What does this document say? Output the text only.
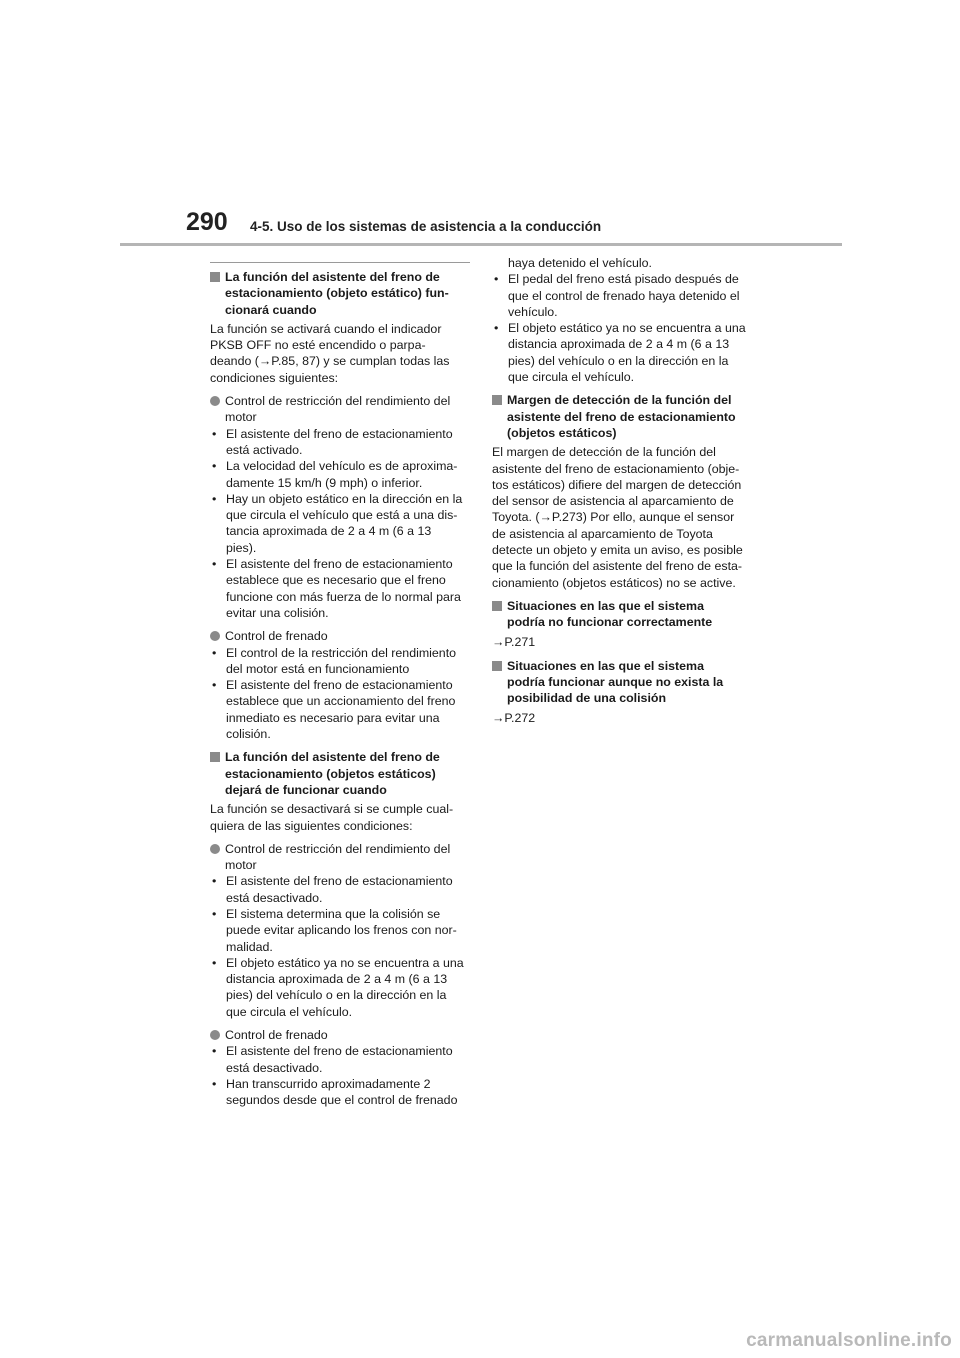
290 4-5. Uso de los sistemas de asistencia a la conducción
La función del asistente del freno de
estacionamiento (objeto estático) fun-
cionará cuando
La función se activará cuando el indicador
PKSB OFF no esté encendido o parpa-
deando (→P.85, 87) y se cumplan todas las
condiciones siguientes:
Control de restricción del rendimiento del
motor
• El asistente del freno de estacionamiento
está activado.
• La velocidad del vehículo es de aproxima-
damente 15 km/h (9 mph) o inferior.
• Hay un objeto estático en la dirección en la
que circula el vehículo que está a una dis-
tancia aproximada de 2 a 4 m (6 a 13
pies).
• El asistente del freno de estacionamiento
establece que es necesario que el freno
funcione con más fuerza de lo normal para
evitar una colisión.
Control de frenado
• El control de la restricción del rendimiento
del motor está en funcionamiento
• El asistente del freno de estacionamiento
establece que un accionamiento del freno
inmediato es necesario para evitar una
colisión.
La función del asistente del freno de
estacionamiento (objetos estáticos)
dejará de funcionar cuando
La función se desactivará si se cumple cual-
quiera de las siguientes condiciones:
Control de restricción del rendimiento del
motor
• El asistente del freno de estacionamiento
está desactivado.
• El sistema determina que la colisión se
puede evitar aplicando los frenos con nor-
malidad.
• El objeto estático ya no se encuentra a una
distancia aproximada de 2 a 4 m (6 a 13
pies) del vehículo o en la dirección en la
que circula el vehículo.
Control de frenado
• El asistente del freno de estacionamiento
está desactivado.
• Han transcurrido aproximadamente 2
segundos desde que el control de frenado
haya detenido el vehículo.
• El pedal del freno está pisado después de
que el control de frenado haya detenido el
vehículo.
• El objeto estático ya no se encuentra a una
distancia aproximada de 2 a 4 m (6 a 13
pies) del vehículo o en la dirección en la
que circula el vehículo.
Margen de detección de la función del
asistente del freno de estacionamiento
(objetos estáticos)
El margen de detección de la función del
asistente del freno de estacionamiento (obje-
tos estáticos) difiere del margen de detección
del sensor de asistencia al aparcamiento de
Toyota. (→P.273) Por ello, aunque el sensor
de asistencia al aparcamiento de Toyota
detecte un objeto y emita un aviso, es posible
que la función del asistente del freno de esta-
cionamiento (objetos estáticos) no se active.
Situaciones en las que el sistema
podría no funcionar correctamente
→P.271
Situaciones en las que el sistema
podría funcionar aunque no exista la
posibilidad de una colisión
→P.272
carmanualsonline.info
